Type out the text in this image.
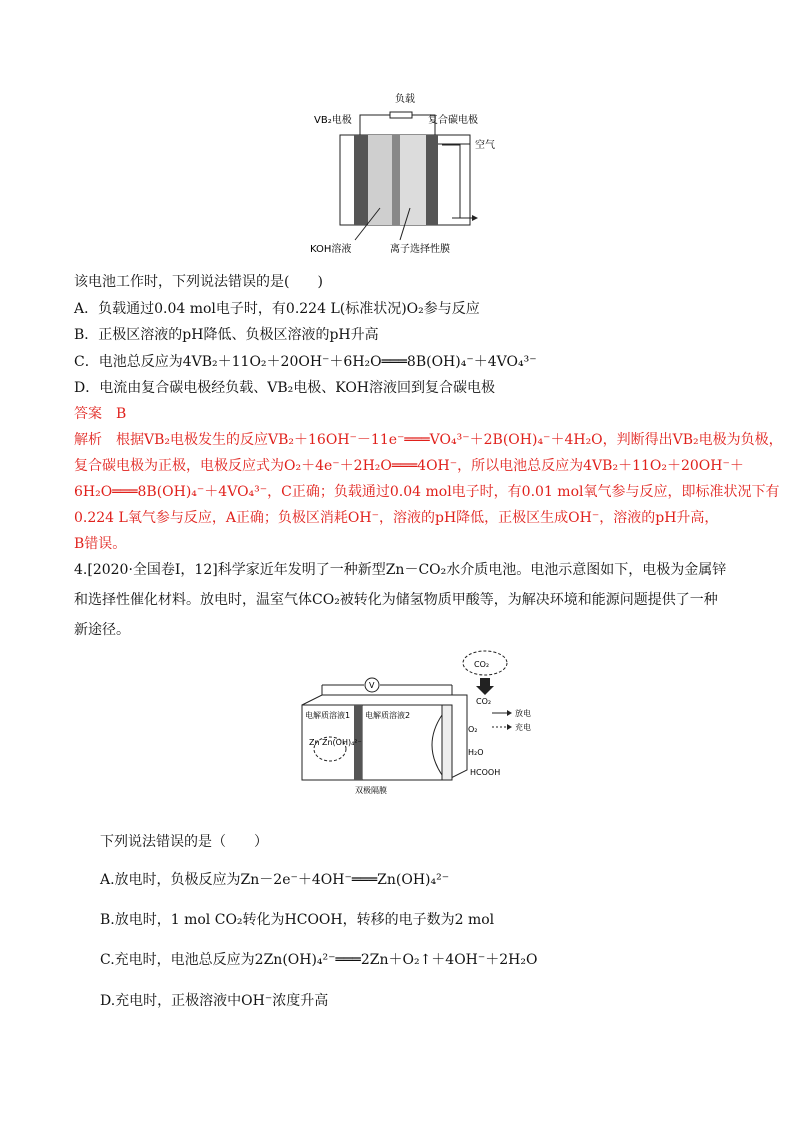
负载
VB₂电极	复合碳电极
空气
KOH溶液	离子选择性膜
该电池工作时，下列说法错误的是(　　)
A．负载通过0.04 mol电子时，有0.224 L(标准状况)O₂参与反应
B．正极区溶液的pH降低、负极区溶液的pH升高
C．电池总反应为4VB₂＋11O₂＋20OH⁻＋6H₂O═══8B(OH)₄⁻＋4VO₄³⁻
D．电流由复合碳电极经负载、VB₂电极、KOH溶液回到复合碳电极
答案　B
解析　根据VB₂电极发生的反应VB₂＋16OH⁻－11e⁻═══VO₄³⁻＋2B(OH)₄⁻＋4H₂O，判断得出VB₂电极为负极，
复合碳电极为正极，电极反应式为O₂＋4e⁻＋2H₂O═══4OH⁻，所以电池总反应为4VB₂＋11O₂＋20OH⁻＋
6H₂O═══8B(OH)₄⁻＋4VO₄³⁻，C正确；负载通过0.04 mol电子时，有0.01 mol氧气参与反应，即标准状况下有
0.224 L氧气参与反应，A正确；负极区消耗OH⁻，溶液的pH降低，正极区生成OH⁻，溶液的pH升高，
B错误。
4.[2020·全国卷Ⅰ，12]科学家近年发明了一种新型Zn－CO₂水介质电池。电池示意图如下，电极为金属锌
和选择性催化材料。放电时，温室气体CO₂被转化为储氢物质甲酸等，为解决环境和能源问题提供了一种
新途径。
CO₂
CO₂
V
电解质溶液1 电解质溶液2
Zn Zn(OH)₄²⁻
O₂
H₂O
HCOOH
放电
充电
双极隔膜
下列说法错误的是（　　）
A.放电时，负极反应为Zn－2e⁻＋4OH⁻═══Zn(OH)₄²⁻
B.放电时，1 mol CO₂转化为HCOOH，转移的电子数为2 mol
C.充电时，电池总反应为2Zn(OH)₄²⁻═══2Zn＋O₂↑＋4OH⁻＋2H₂O
D.充电时，正极溶液中OH⁻浓度升高
